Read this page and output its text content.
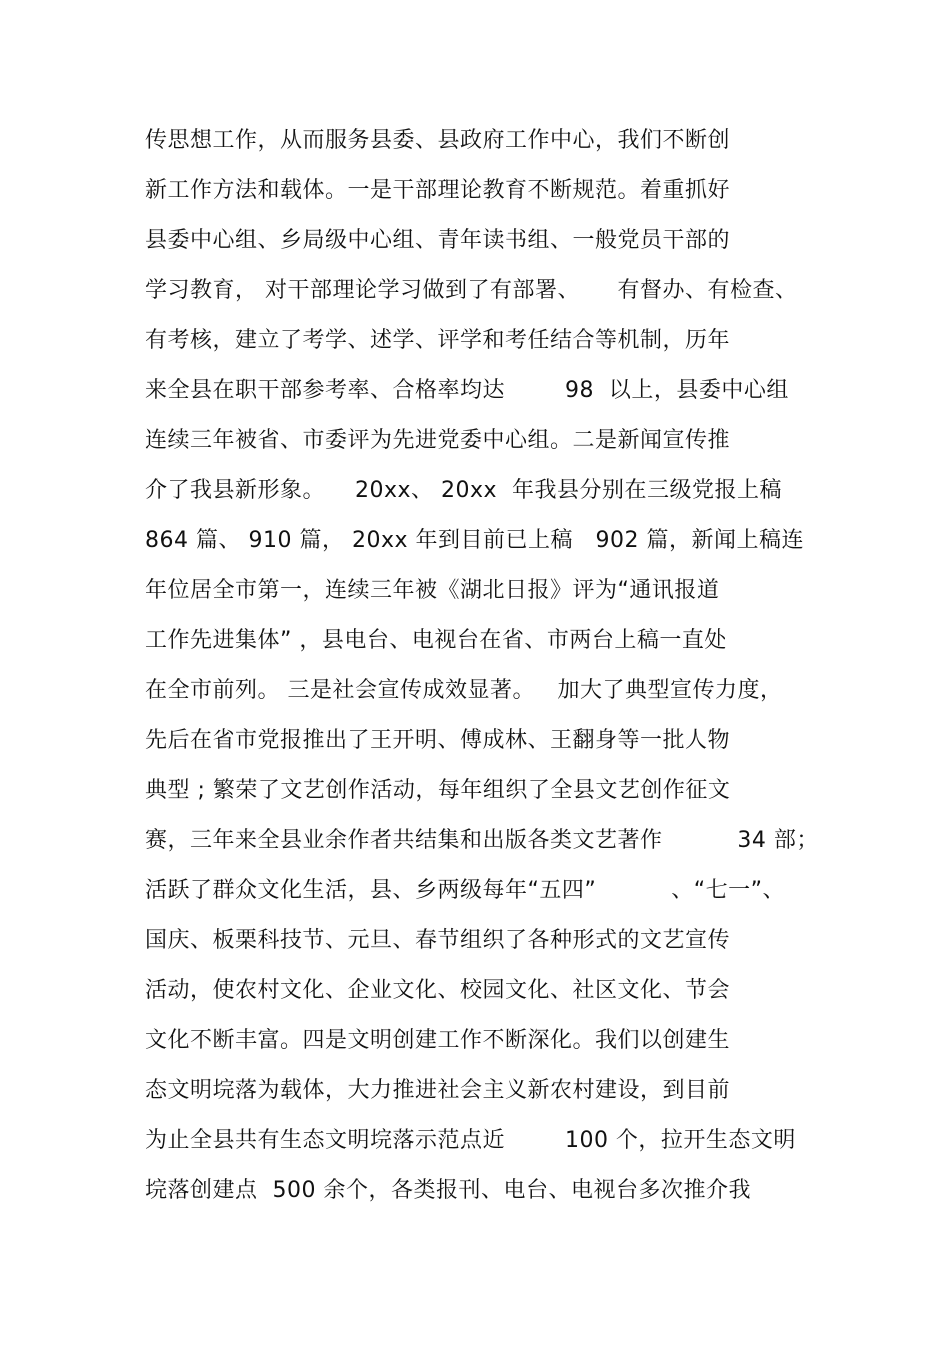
传思想工作，从而服务县委、县政府工作中心，我们不断创
新工作方法和载体。一是干部理论教育不断规范。着重抓好
县委中心组、乡局级中心组、青年读书组、一般党员干部的
学习教育， 对干部理论学习做到了有部署、     有督办、有检查、
有考核，建立了考学、述学、评学和考任结合等机制，历年
来全县在职干部参考率、合格率均达        98  以上，县委中心组
连续三年被省、市委评为先进党委中心组。二是新闻宣传推
介了我县新形象。    20xx、 20xx  年我县分别在三级党报上稿
864 篇、 910 篇， 20xx 年到目前已上稿   902 篇，新闻上稿连
年位居全市第一，连续三年被《湖北日报》评为“通讯报道
工作先进集体” ，县电台、电视台在省、市两台上稿一直处
在全市前列。 三是社会宣传成效显著。   加大了典型宣传力度，
先后在省市党报推出了王开明、傅成林、王翻身等一批人物
典型 ; 繁荣了文艺创作活动，每年组织了全县文艺创作征文
赛，三年来全县业余作者共结集和出版各类文艺著作          34 部；
活跃了群众文化生活，县、乡两级每年“五四”          、“七一”、
国庆、板栗科技节、元旦、春节组织了各种形式的文艺宣传
活动，使农村文化、企业文化、校园文化、社区文化、节会
文化不断丰富。四是文明创建工作不断深化。我们以创建生
态文明垸落为载体，大力推进社会主义新农村建设，到目前
为止全县共有生态文明垸落示范点近        100 个，拉开生态文明
垸落创建点  500 余个，各类报刊、电台、电视台多次推介我
